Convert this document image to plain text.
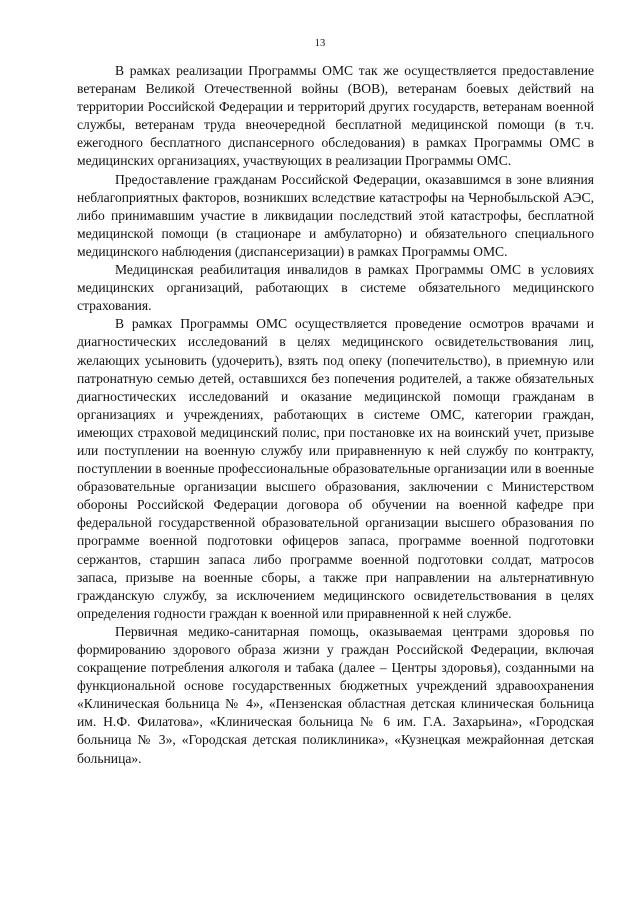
13

В рамках реализации Программы ОМС так же осуществляется предоставление ветеранам Великой Отечественной войны (ВОВ), ветеранам боевых действий на территории Российской Федерации и территорий других государств, ветеранам военной службы, ветеранам труда внеочередной бесплатной медицинской помощи (в т.ч. ежегодного бесплатного диспансерного обследования) в рамках Программы ОМС в медицинских организациях, участвующих в реализации Программы ОМС.

Предоставление гражданам Российской Федерации, оказавшимся в зоне влияния неблагоприятных факторов, возникших вследствие катастрофы на Чернобыльской АЭС, либо принимавшим участие в ликвидации последствий этой катастрофы, бесплатной медицинской помощи (в стационаре и амбулаторно) и обязательного специального медицинского наблюдения (диспансеризации) в рамках Программы ОМС.

Медицинская реабилитация инвалидов в рамках Программы ОМС в условиях медицинских организаций, работающих в системе обязательного медицинского страхования.

В рамках Программы ОМС осуществляется проведение осмотров врачами и диагностических исследований в целях медицинского освидетельствования лиц, желающих усыновить (удочерить), взять под опеку (попечительство), в приемную или патронатную семью детей, оставшихся без попечения родителей, а также обязательных диагностических исследований и оказание медицинской помощи гражданам в организациях и учреждениях, работающих в системе ОМС, категории граждан, имеющих страховой медицинский полис, при постановке их на воинский учет, призыве или поступлении на военную службу или приравненную к ней службу по контракту, поступлении в военные профессиональные образовательные организации или в военные образовательные организации высшего образования, заключении с Министерством обороны Российской Федерации договора об обучении на военной кафедре при федеральной государственной образовательной организации высшего образования по программе военной подготовки офицеров запаса, программе военной подготовки сержантов, старшин запаса либо программе военной подготовки солдат, матросов запаса, призыве на военные сборы, а также при направлении на альтернативную гражданскую службу, за исключением медицинского освидетельствования в целях определения годности граждан к военной или приравненной к ней службе.

Первичная медико-санитарная помощь, оказываемая центрами здоровья по формированию здорового образа жизни у граждан Российской Федерации, включая сокращение потребления алкоголя и табака (далее – Центры здоровья), созданными на функциональной основе государственных бюджетных учреждений здравоохранения «Клиническая больница № 4», «Пензенская областная детская клиническая больница им. Н.Ф. Филатова», «Клиническая больница № 6 им. Г.А. Захарьина», «Городская больница № 3», «Городская детская поликлиника», «Кузнецкая межрайонная детская больница».
